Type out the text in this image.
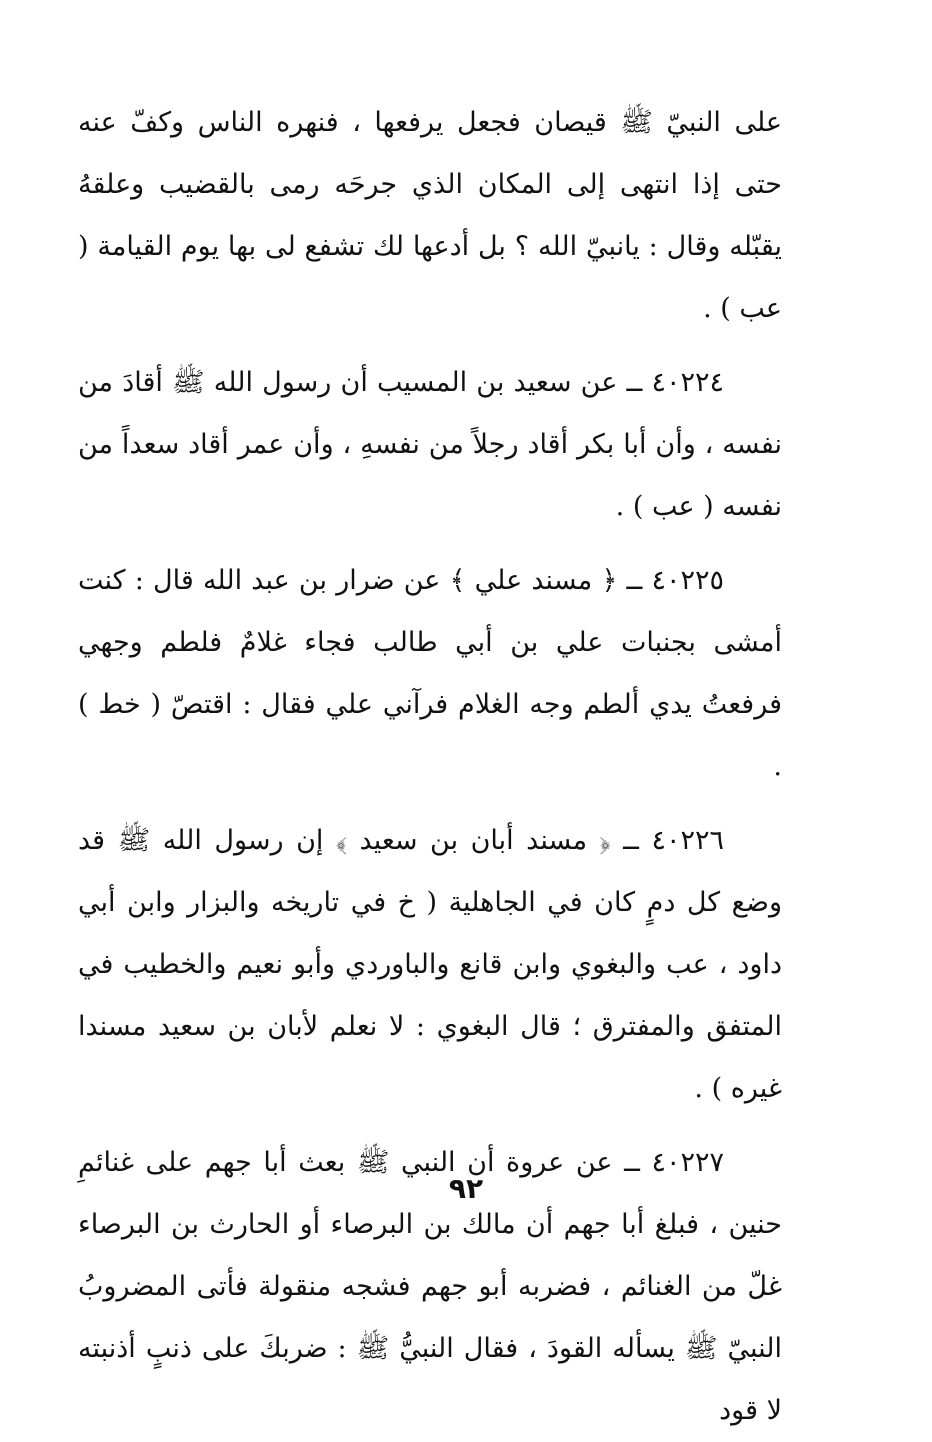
على النبيّ ﷺ قيصان فجعل يرفعها ، فنهره الناس وكفّ عنه حتى إذا انتهى إلى المكان الذي جرحَه رمى بالقضيب وعلقهُ يقبّله وقال : يانبيّ الله ؟ بل أدعها لك تشفع لى بها يوم القيامة ( عب ) .

٤٠٢٢٤ ــ عن سعيد بن المسيب أن رسول الله ﷺ أقادَ من نفسه ، وأن أبا بكر أقاد رجلاً من نفسهِ ، وأن عمر أقاد سعداً من نفسه ( عب ) .

٤٠٢٢٥ ــ ﴿ مسند علي ﴾ عن ضرار بن عبد الله قال : كنت أمشى بجنبات علي بن أبي طالب فجاء غلامٌ فلطم وجهي فرفعتُ يدي ألطم وجه الغلام فرآني علي فقال : اقتصّ ( خط ) .

٤٠٢٢٦ ــ ﴿ مسند أبان بن سعيد ﴾ إن رسول الله ﷺ قد وضع كل دمٍ كان في الجاهلية ( خ في تاريخه والبزار وابن أبي داود ، عب والبغوي وابن قانع والباوردي وأبو نعيم والخطيب في المتفق والمفترق ؛ قال البغوي : لا نعلم لأبان بن سعيد مسندا غيره ) .

٤٠٢٢٧ ــ عن عروة أن النبي ﷺ بعث أبا جهم على غنائمِ حنين ، فبلغ أبا جهم أن مالك بن البرصاء أو الحارث بن البرصاء غلّ من الغنائم ، فضربه أبو جهم فشجه منقولة فأتى المضروبُ النبيّ ﷺ يسأله القودَ ، فقال النبيُّ ﷺ : ضربكَ على ذنبٍ أذنبته لا قود

٩٢
